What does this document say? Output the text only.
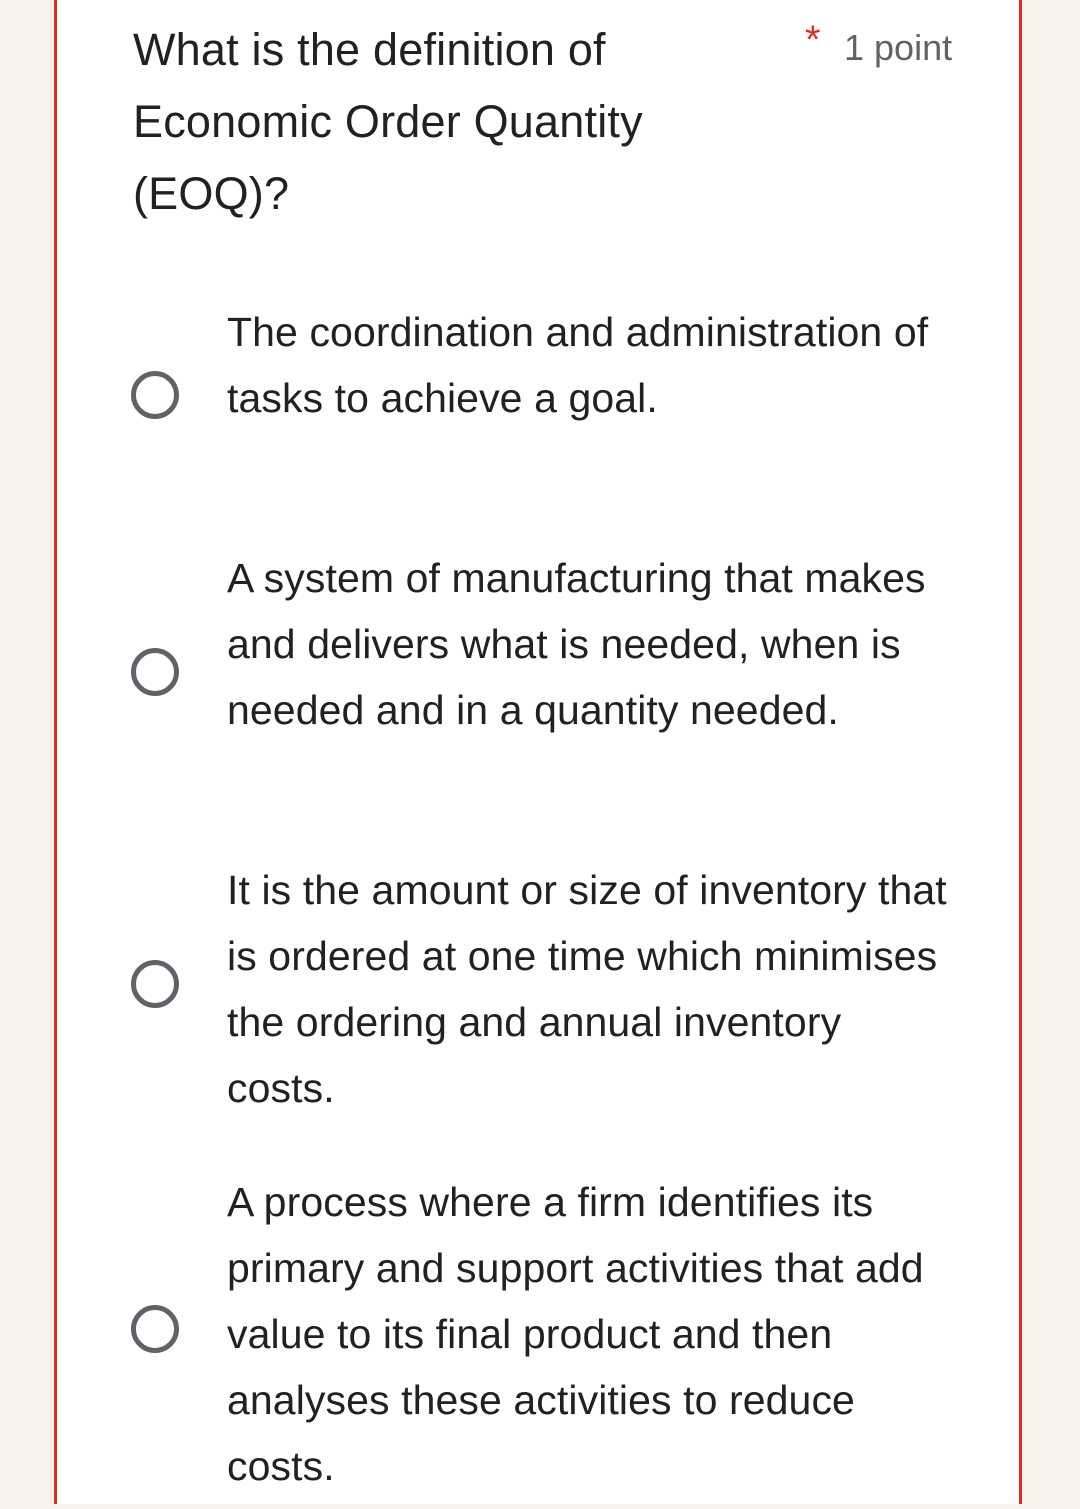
What is the definition of Economic Order Quantity (EOQ)?
* 1 point
The coordination and administration of tasks to achieve a goal.
A system of manufacturing that makes and delivers what is needed, when is needed and in a quantity needed.
It is the amount or size of inventory that is ordered at one time which minimises the ordering and annual inventory costs.
A process where a firm identifies its primary and support activities that add value to its final product and then analyses these activities to reduce costs.
